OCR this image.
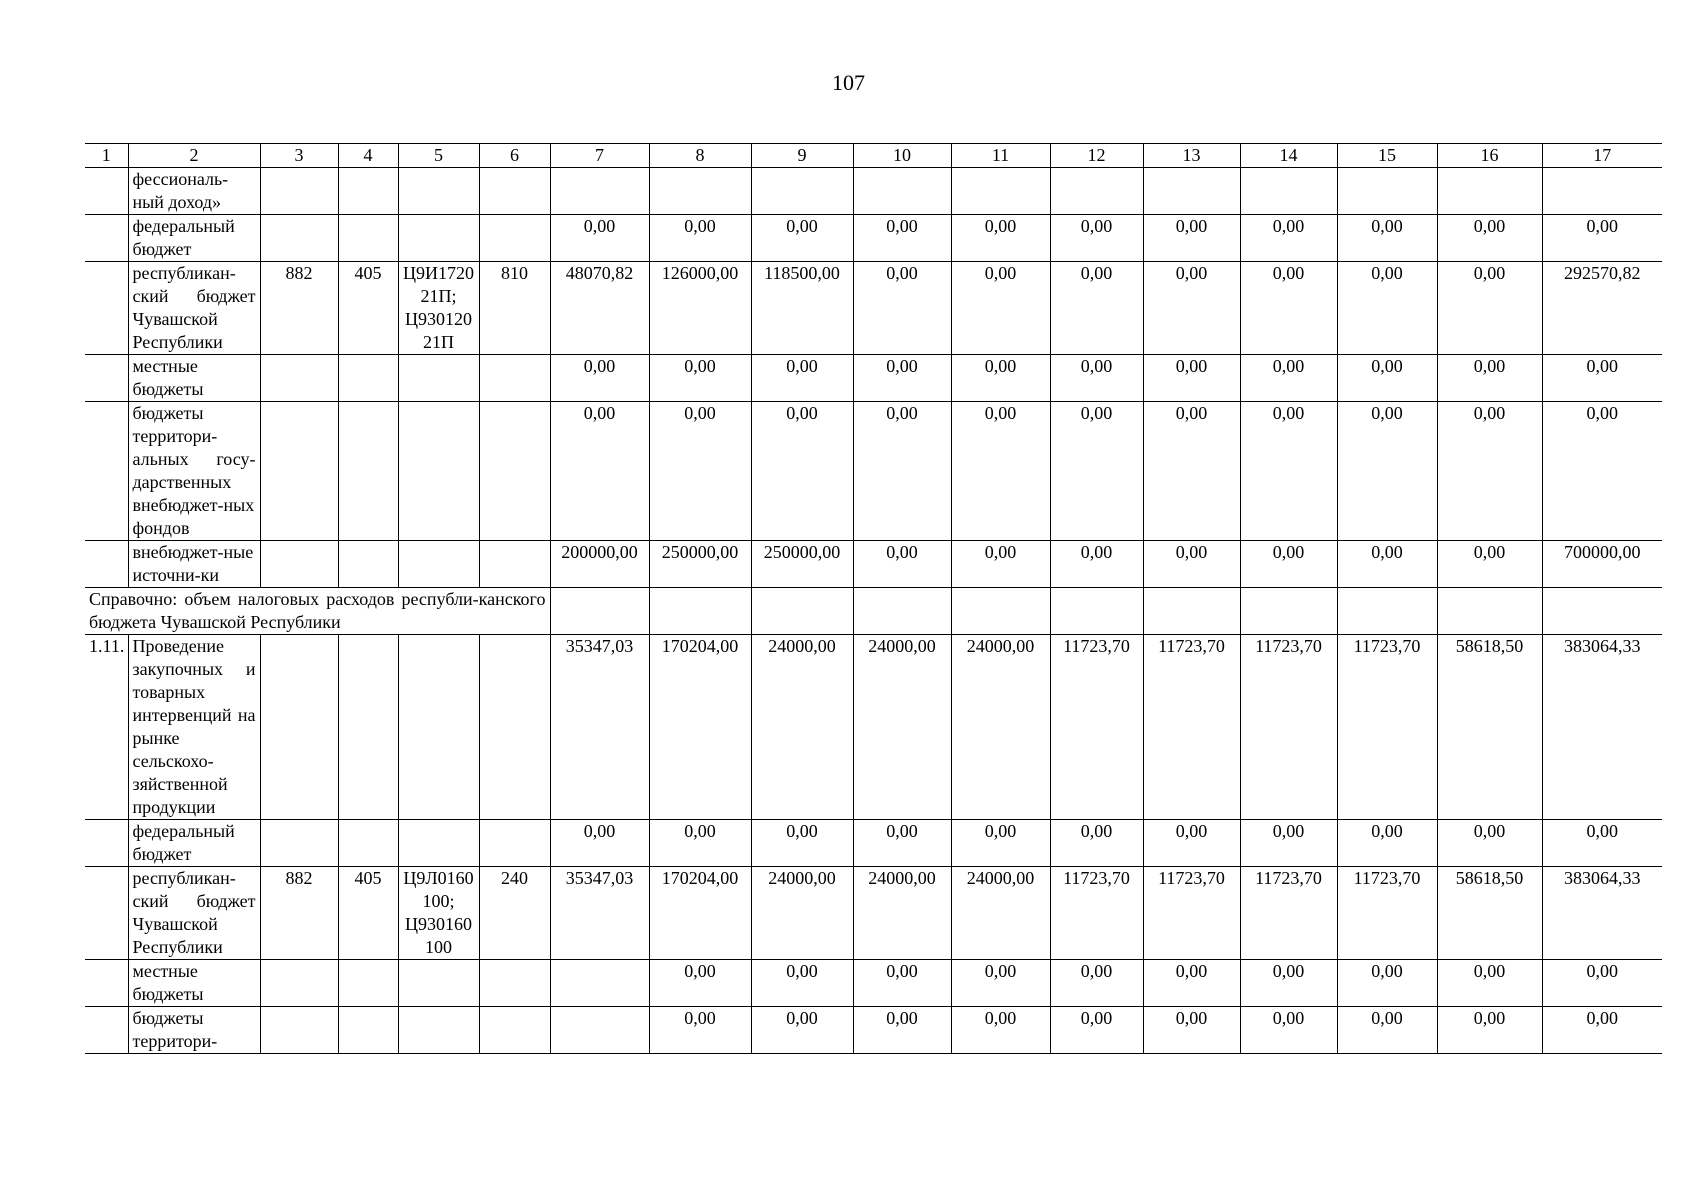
107
1	2	3	4	5	6	7	8	9	10	11	12	13	14	15	16	17
	фессиональ-ный доход»															
	федеральный бюджет					0,00	0,00	0,00	0,00	0,00	0,00	0,00	0,00	0,00	0,00	0,00
	республикан-ский бюджет Чувашской Республики	882	405	Ц9И1720 21П; Ц930120 21П	810	48070,82	126000,00	118500,00	0,00	0,00	0,00	0,00	0,00	0,00	0,00	292570,82
	местные бюджеты					0,00	0,00	0,00	0,00	0,00	0,00	0,00	0,00	0,00	0,00	0,00
	бюджеты территори-альных госу-дарственных внебюджет-ных фондов					0,00	0,00	0,00	0,00	0,00	0,00	0,00	0,00	0,00	0,00	0,00
	внебюджет-ные источни-ки					200000,00	250000,00	250000,00	0,00	0,00	0,00	0,00	0,00	0,00	0,00	700000,00
Справочно: объем налоговых расходов республи-канского бюджета Чувашской Республики																
1.11.	Проведение закупочных и товарных интервенций на рынке сельскохо-зяйственной продукции					35347,03	170204,00	24000,00	24000,00	24000,00	11723,70	11723,70	11723,70	11723,70	58618,50	383064,33
	федеральный бюджет					0,00	0,00	0,00	0,00	0,00	0,00	0,00	0,00	0,00	0,00	0,00
	республикан-ский бюджет Чувашской Республики	882	405	Ц9Л0160 100; Ц930160 100	240	35347,03	170204,00	24000,00	24000,00	24000,00	11723,70	11723,70	11723,70	11723,70	58618,50	383064,33
	местные бюджеты						0,00	0,00	0,00	0,00	0,00	0,00	0,00	0,00	0,00	0,00
	бюджеты территори-						0,00	0,00	0,00	0,00	0,00	0,00	0,00	0,00	0,00	0,00
